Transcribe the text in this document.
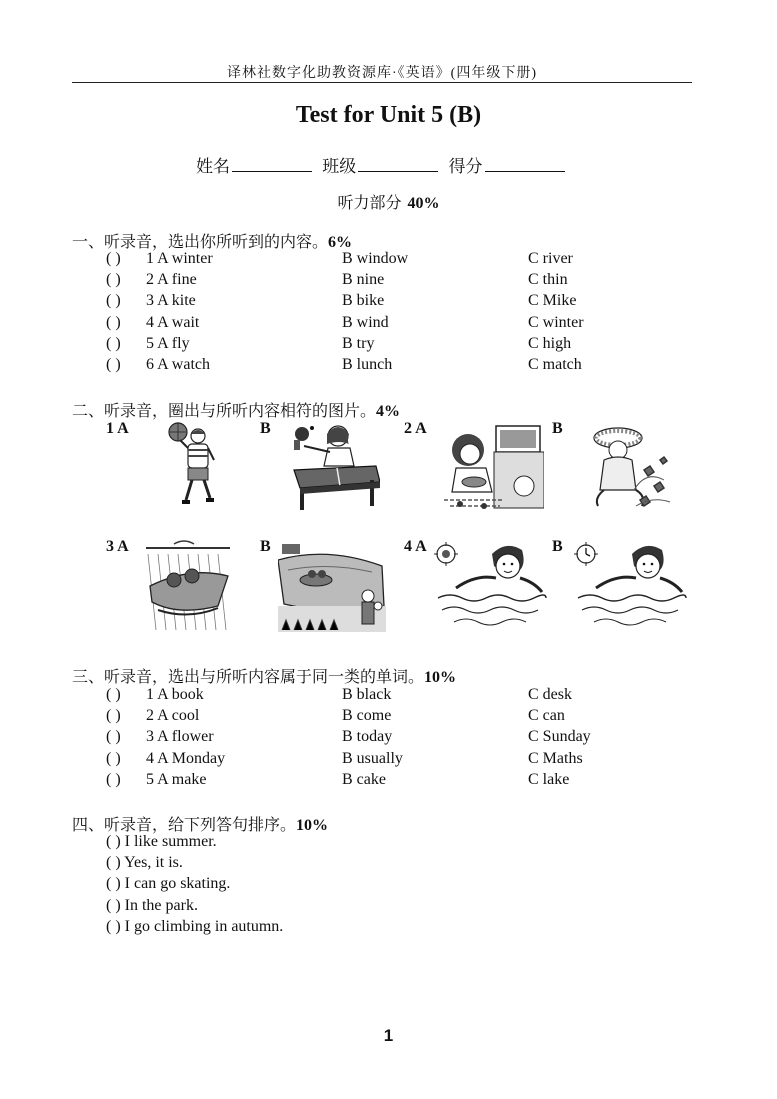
译林社数字化助教资源库·《英语》(四年级下册)
Test for Unit 5 (B)
姓名	班级	得分
听力部分 40%
一、听录音，选出你所听到的内容。6%
( ) 1 A winter	B window	C river
( ) 2 A fine	B nine	C thin
( ) 3 A kite	B bike	C Mike
( ) 4 A wait	B wind	C winter
( ) 5 A fly	B try	C high
( ) 6 A watch	B lunch	C match
二、听录音，圈出与所听内容相符的图片。4%
1 A	B	2 A	B
3 A	B	4 A	B
三、听录音，选出与所听内容属于同一类的单词。10%
( ) 1 A book	B black	C desk
( ) 2 A cool	B come	C can
( ) 3 A flower	B today	C Sunday
( ) 4 A Monday	B usually	C Maths
( ) 5 A make	B cake	C lake
四、听录音，给下列答句排序。10%
( ) I like summer.
( ) Yes, it is.
( ) I can go skating.
( ) In the park.
( ) I go climbing in autumn.
1
